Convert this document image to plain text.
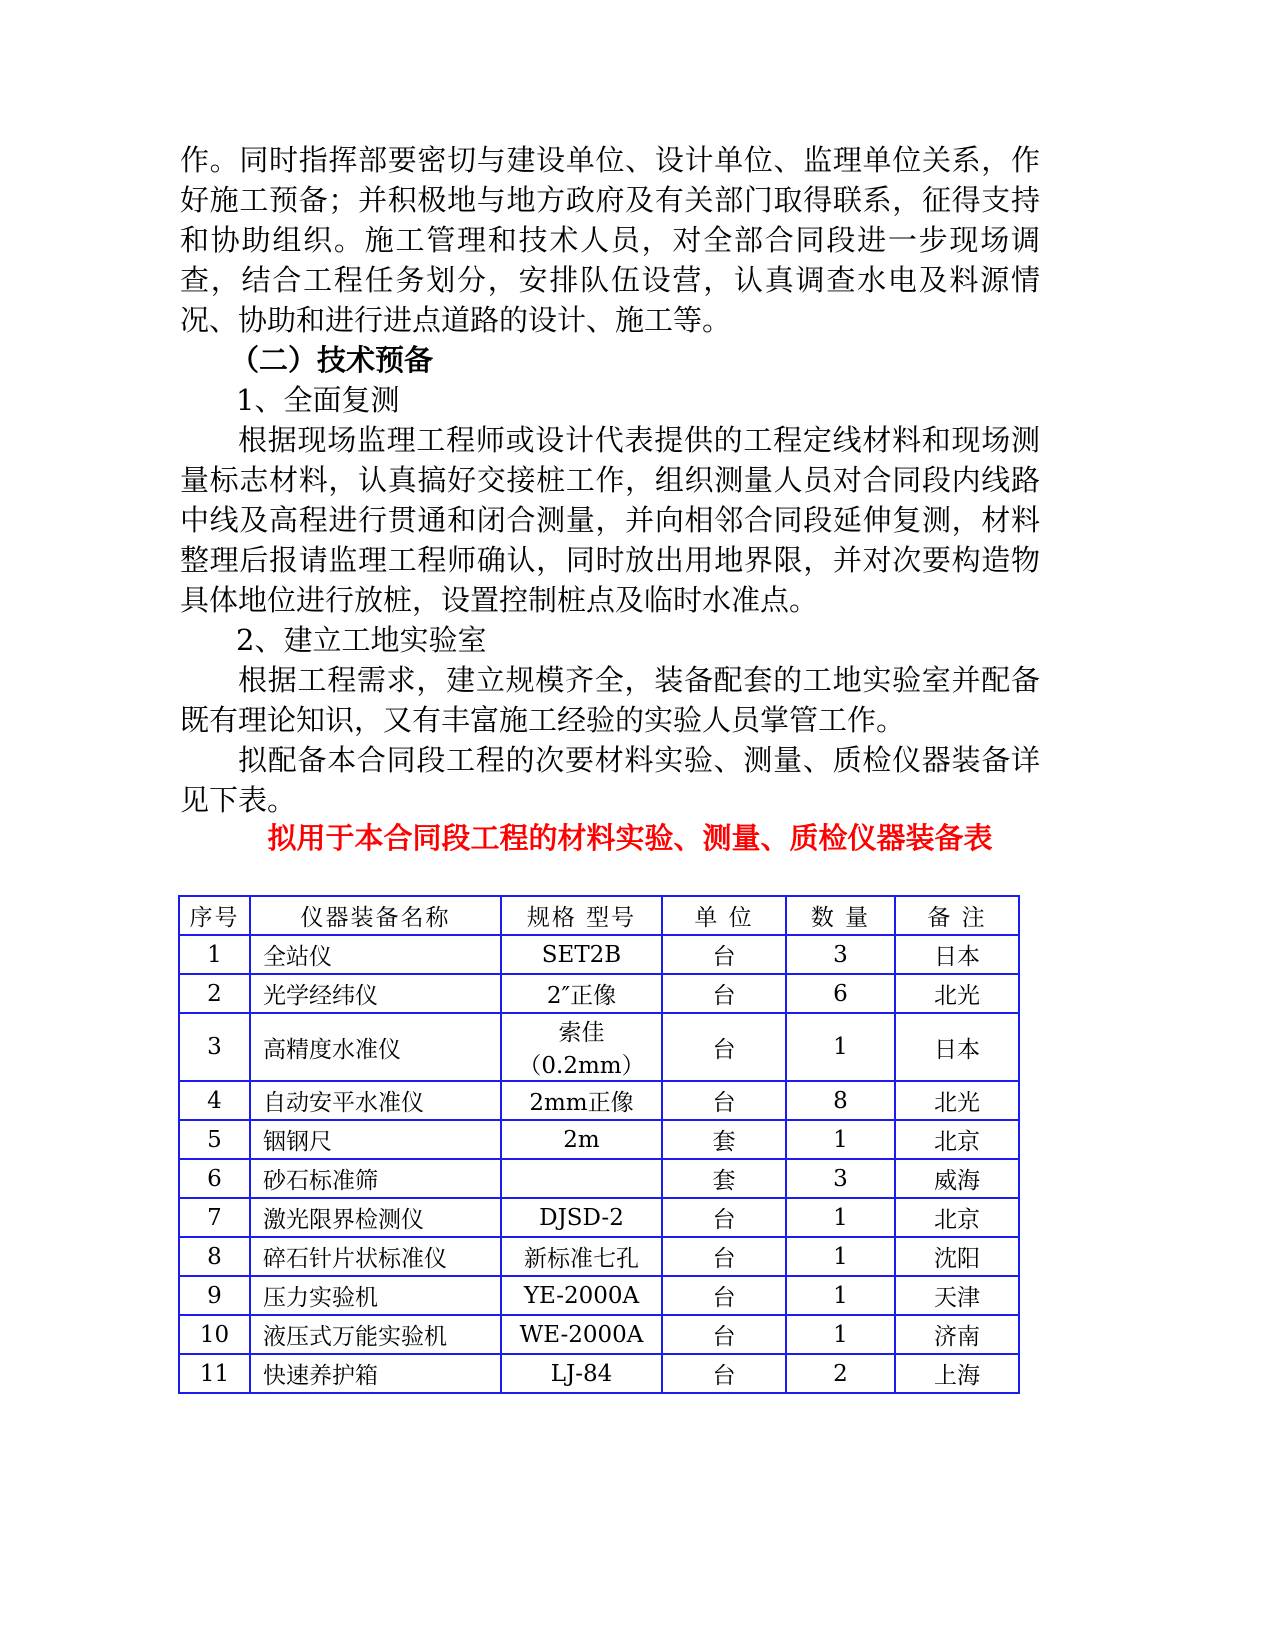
作。同时指挥部要密切与建设单位、设计单位、监理单位关系，作好施工预备；并积极地与地方政府及有关部门取得联系，征得支持和协助组织。施工管理和技术人员，对全部合同段进一步现场调查，结合工程任务划分，安排队伍设营，认真调查水电及料源情况、协助和进行进点道路的设计、施工等。

（二）技术预备

1、全面复测

根据现场监理工程师或设计代表提供的工程定线材料和现场测量标志材料，认真搞好交接桩工作，组织测量人员对合同段内线路中线及高程进行贯通和闭合测量，并向相邻合同段延伸复测，材料整理后报请监理工程师确认，同时放出用地界限，并对次要构造物具体地位进行放桩，设置控制桩点及临时水准点。

2、建立工地实验室

根据工程需求，建立规模齐全，装备配套的工地实验室并配备既有理论知识，又有丰富施工经验的实验人员掌管工作。

拟配备本合同段工程的次要材料实验、测量、质检仪器装备详见下表。

拟用于本合同段工程的材料实验、测量、质检仪器装备表
序号	仪器装备名称	规格 型号	单 位	数 量	备 注
1	全站仪	SET2B	台	3	日本
2	光学经纬仪	2″正像	台	6	北光
3	高精度水准仪	索佳（0.2mm）	台	1	日本
4	自动安平水准仪	2mm正像	台	8	北光
5	铟钢尺	2m	套	1	北京
6	砂石标准筛		套	3	威海
7	激光限界检测仪	DJSD-2	台	1	北京
8	碎石针片状标准仪	新标准七孔	台	1	沈阳
9	压力实验机	YE-2000A	台	1	天津
10	液压式万能实验机	WE-2000A	台	1	济南
11	快速养护箱	LJ-84	台	2	上海
